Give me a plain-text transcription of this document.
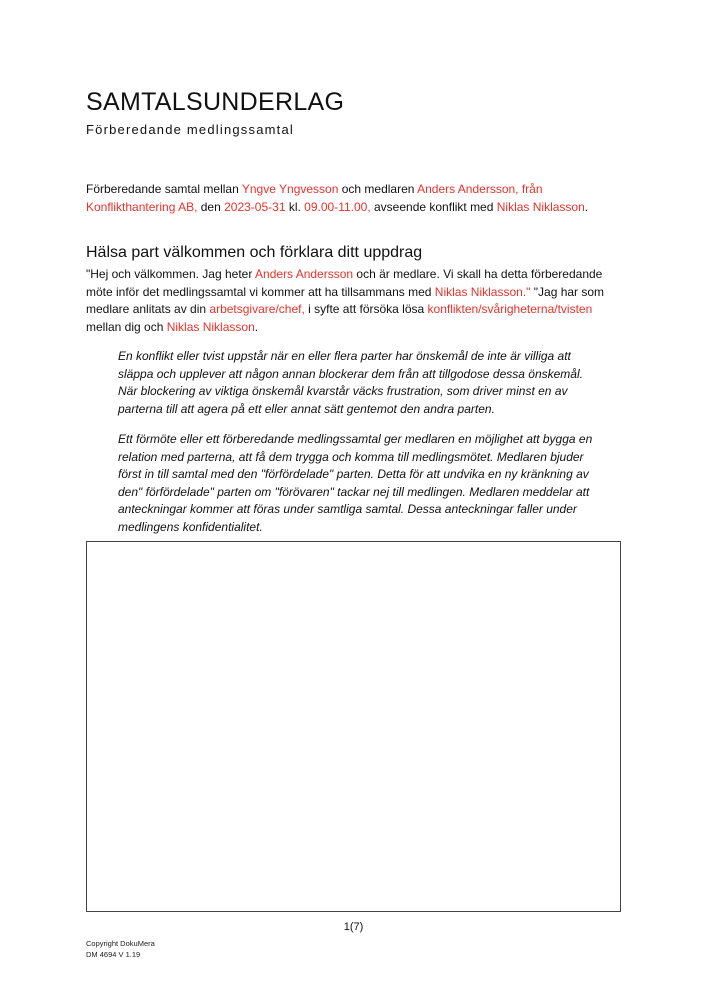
SAMTALSUNDERLAG
Förberedande medlingssamtal
Förberedande samtal mellan Yngve Yngvesson och medlaren Anders Andersson, från Konflikthantering AB, den 2023-05-31 kl. 09.00-11.00, avseende konflikt med Niklas Niklasson.
Hälsa part välkommen och förklara ditt uppdrag
"Hej och välkommen. Jag heter Anders Andersson och är medlare. Vi skall ha detta förberedande möte inför det medlingssamtal vi kommer att ha tillsammans med Niklas Niklasson." "Jag har som medlare anlitats av din arbetsgivare/chef, i syfte att försöka lösa konflikten/svårigheterna/tvisten mellan dig och Niklas Niklasson.
En konflikt eller tvist uppstår när en eller flera parter har önskemål de inte är villiga att släppa och upplever att någon annan blockerar dem från att tillgodose dessa önskemål. När blockering av viktiga önskemål kvarstår väcks frustration, som driver minst en av parterna till att agera på ett eller annat sätt gentemot den andra parten.
Ett förmöte eller ett förberedande medlingssamtal ger medlaren en möjlighet att bygga en relation med parterna, att få dem trygga och komma till medlingsmötet. Medlaren bjuder först in till samtal med den "förfördelade" parten. Detta för att undvika en ny kränkning av den" förfördelade" parten om "förövaren" tackar nej till medlingen. Medlaren meddelar att anteckningar kommer att föras under samtliga samtal. Dessa anteckningar faller under medlingens konfidentialitet.
1(7)
Copyright DokuMera
DM 4694 V 1.19
